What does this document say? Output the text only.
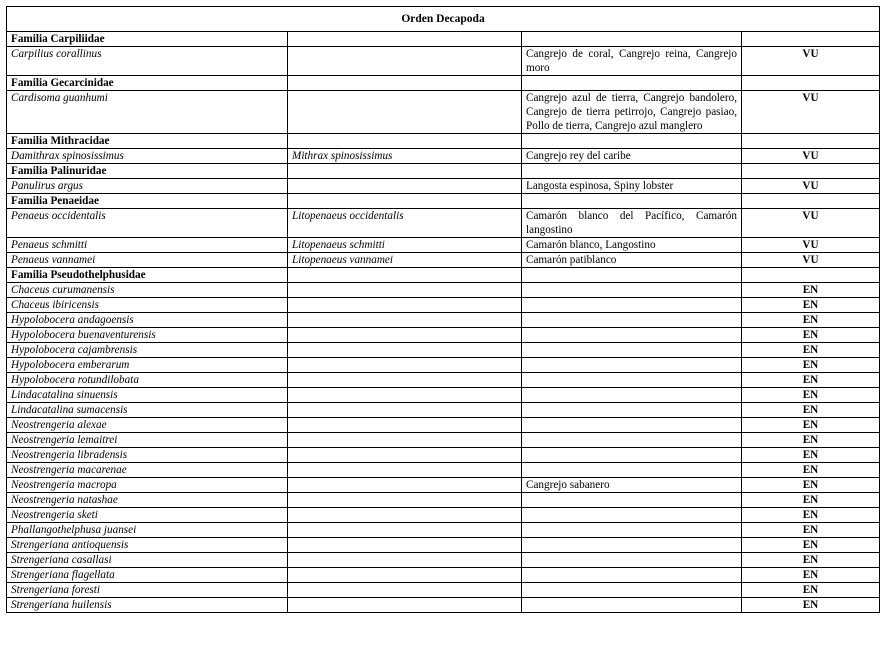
Orden Decapoda			
Familia Carpiliidae			
Carpilius corallinus		Cangrejo de coral, Cangrejo reina, Cangrejo moro	VU
Familia Gecarcinidae			
Cardisoma guanhumi		Cangrejo azul de tierra, Cangrejo bandolero, Cangrejo de tierra petirrojo, Cangrejo pasiao, Pollo de tierra, Cangrejo azul manglero	VU
Familia Mithracidae			
Damithrax spinosissimus	Mithrax spinosissimus	Cangrejo rey del caribe	VU
Familia Palinuridae			
Panulirus argus		Langosta espinosa, Spiny lobster	VU
Familia Penaeidae			
Penaeus occidentalis	Litopenaeus occidentalis	Camarón blanco del Pacífico, Camarón langostino	VU
Penaeus schmitti	Litopenaeus schmitti	Camarón blanco, Langostino	VU
Penaeus vannamei	Litopenaeus vannamei	Camarón patiblanco	VU
Familia Pseudothelphusidae			
Chaceus curumanensis			EN
Chaceus ibiricensis			EN
Hypolobocera andagoensis			EN
Hypolobocera buenaventurensis			EN
Hypolobocera cajambrensis			EN
Hypolobocera emberarum			EN
Hypolobocera rotundilobata			EN
Lindacatalina sinuensis			EN
Lindacatalina sumacensis			EN
Neostrengeria alexae			EN
Neostrengeria lemaitrei			EN
Neostrengeria libradensis			EN
Neostrengeria macarenae			EN
Neostrengeria macropa		Cangrejo sabanero	EN
Neostrengeria natashae			EN
Neostrengeria sketi			EN
Phallangothelphusa juansei			EN
Strengeriana antioquensis			EN
Strengeriana casallasi			EN
Strengeriana flagellata			EN
Strengeriana foresti			EN
Strengeriana huilensis			EN
